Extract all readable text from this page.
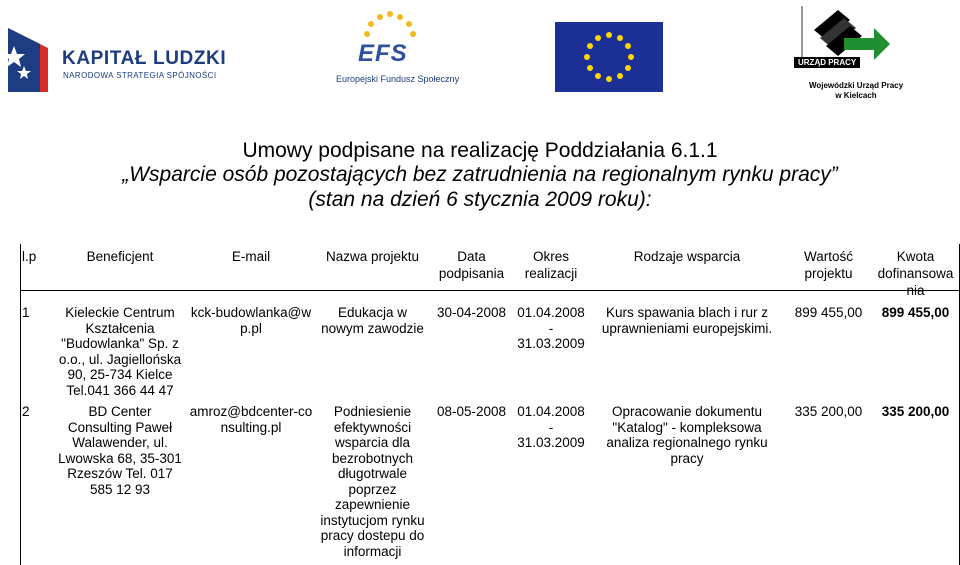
KAPITAŁ LUDZKI
NARODOWA STRATEGIA SPÓJNOŚCI
EFS
Europejski Fundusz Społeczny
URZĄD PRACY
Wojewódzki Urząd Pracy
w Kielcach
Umowy podpisane na realizację Poddziałania 6.1.1
„Wsparcie osób pozostających bez zatrudnienia na regionalnym rynku pracy”
(stan na dzień 6 stycznia 2009 roku):
l.p	Beneficjent	E-mail	Nazwa projektu	Data podpisania	Okres realizacji	Rodzaje wsparcia	Wartość projektu	Kwota dofinansowa nia
1	Kieleckie Centrum Kształcenia "Budowlanka" Sp. z o.o., ul. Jagiellońska 90, 25-734 Kielce Tel.041 366 44 47	kck-budowlanka@wp.pl	Edukacja w nowym zawodzie	30-04-2008	01.04.2008 - 31.03.2009	Kurs spawania blach i rur z uprawnieniami europejskimi.	899 455,00	899 455,00
2	BD Center Consulting Paweł Walawender, ul. Lwowska 68, 35-301 Rzeszów Tel. 017 585 12 93	amroz@bdcenter-consulting.pl	Podniesienie efektywności wsparcia dla bezrobotnych długotrwale poprzez zapewnienie instytucjom rynku pracy dostepu do informacji	08-05-2008	01.04.2008 - 31.03.2009	Opracowanie dokumentu "Katalog" - kompleksowa analiza regionalnego rynku pracy	335 200,00	335 200,00
